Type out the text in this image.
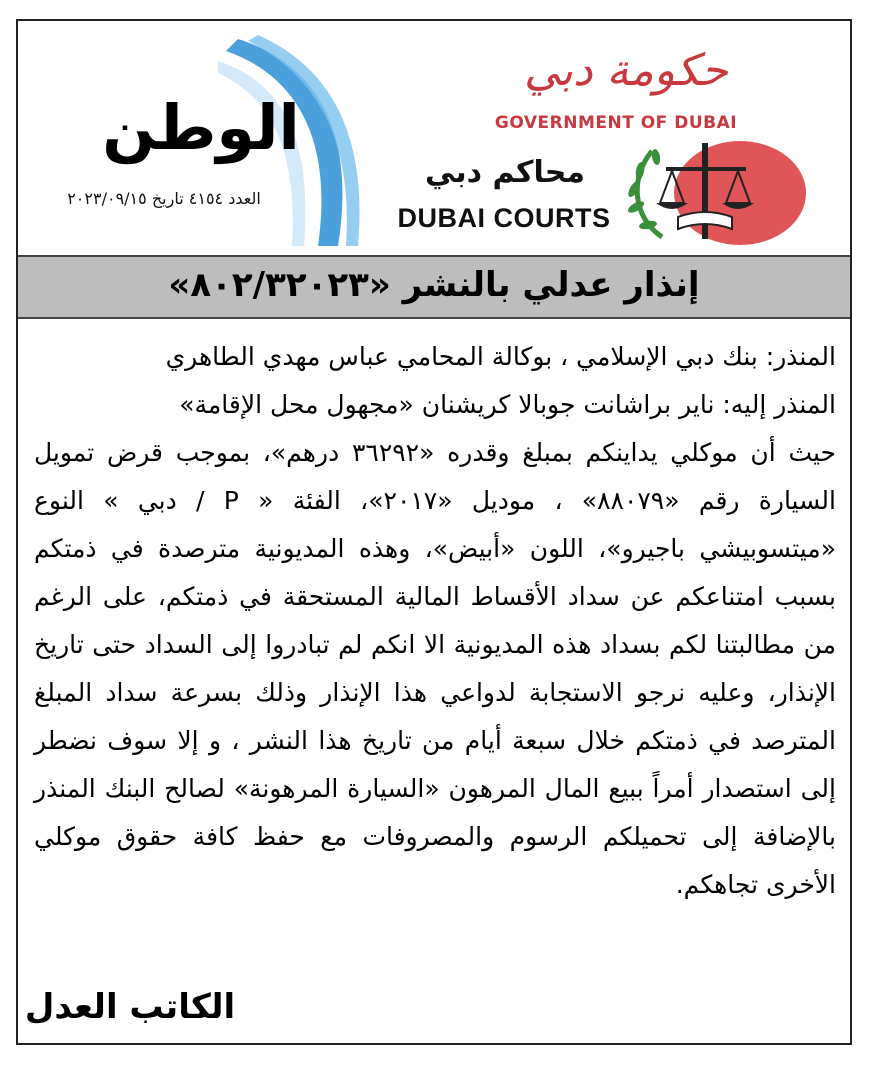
الوطن
العدد ٤١٥٤ تاريخ ٢٠٢٣/٠٩/١٥
حكومة دبي
GOVERNMENT OF DUBAI
محاكم دبي
DUBAI COURTS
إنذار عدلي بالنشر «٨٠٢/٣٢٠٢٣»

المنذر: بنك دبي الإسلامي ، بوكالة المحامي عباس مهدي الطاهري

المنذر إليه: ناير براشانت جوبالا كريشنان «مجهول محل الإقامة»

حيث أن موكلي يداينكم بمبلغ وقدره «٣٦٢٩٢ درهم»، بموجب قرض تمويل السيارة رقم «٨٨٠٧٩» ، موديل «٢٠١٧»، الفئة « P / دبي » النوع «ميتسوبيشي باجيرو»، اللون «أبيض»، وهذه المديونية مترصدة في ذمتكم بسبب امتناعكم عن سداد الأقساط المالية المستحقة في ذمتكم، على الرغم من مطالبتنا لكم بسداد هذه المديونية الا انكم لم تبادروا إلى السداد حتى تاريخ الإنذار، وعليه نرجو الاستجابة لدواعي هذا الإنذار وذلك بسرعة سداد المبلغ المترصد في ذمتكم خلال سبعة أيام من تاريخ هذا النشر ، و إلا سوف نضطر إلى استصدار أمراً ببيع المال المرهون «السيارة المرهونة» لصالح البنك المنذر بالإضافة إلى تحميلكم الرسوم والمصروفات مع حفظ كافة حقوق موكلي الأخرى تجاهكم.

الكاتب العدل
